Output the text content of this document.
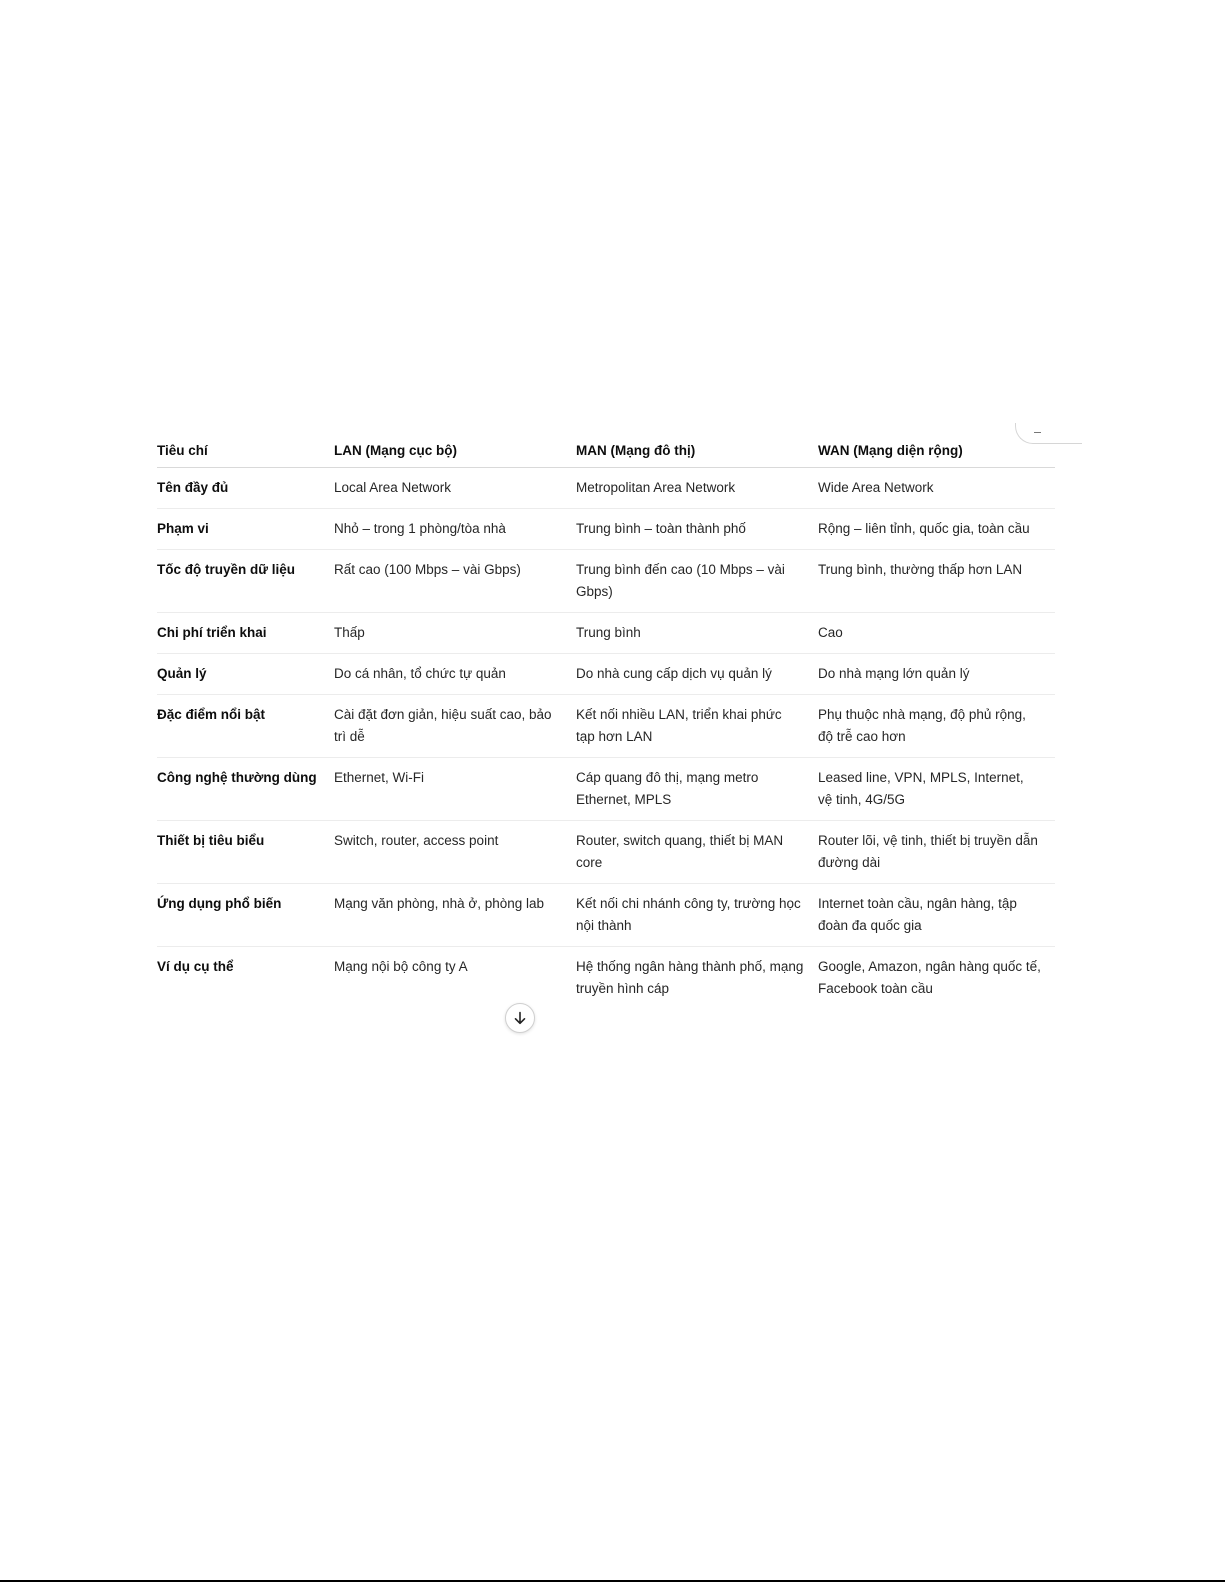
Tiêu chí	LAN (Mạng cục bộ)	MAN (Mạng đô thị)	WAN (Mạng diện rộng)
Tên đầy đủ	Local Area Network	Metropolitan Area Network	Wide Area Network
Phạm vi	Nhỏ – trong 1 phòng/tòa nhà	Trung bình – toàn thành phố	Rộng – liên tỉnh, quốc gia, toàn cầu
Tốc độ truyền dữ liệu	Rất cao (100 Mbps – vài Gbps)	Trung bình đến cao (10 Mbps – vài Gbps)	Trung bình, thường thấp hơn LAN
Chi phí triển khai	Thấp	Trung bình	Cao
Quản lý	Do cá nhân, tổ chức tự quản	Do nhà cung cấp dịch vụ quản lý	Do nhà mạng lớn quản lý
Đặc điểm nổi bật	Cài đặt đơn giản, hiệu suất cao, bảo trì dễ	Kết nối nhiều LAN, triển khai phức tạp hơn LAN	Phụ thuộc nhà mạng, độ phủ rộng, độ trễ cao hơn
Công nghệ thường dùng	Ethernet, Wi-Fi	Cáp quang đô thị, mạng metro Ethernet, MPLS	Leased line, VPN, MPLS, Internet, vệ tinh, 4G/5G
Thiết bị tiêu biểu	Switch, router, access point	Router, switch quang, thiết bị MAN core	Router lõi, vệ tinh, thiết bị truyền dẫn đường dài
Ứng dụng phổ biến	Mạng văn phòng, nhà ở, phòng lab	Kết nối chi nhánh công ty, trường học nội thành	Internet toàn cầu, ngân hàng, tập đoàn đa quốc gia
Ví dụ cụ thể	Mạng nội bộ công ty A	Hệ thống ngân hàng thành phố, mạng truyền hình cáp	Google, Amazon, ngân hàng quốc tế, Facebook toàn cầu
